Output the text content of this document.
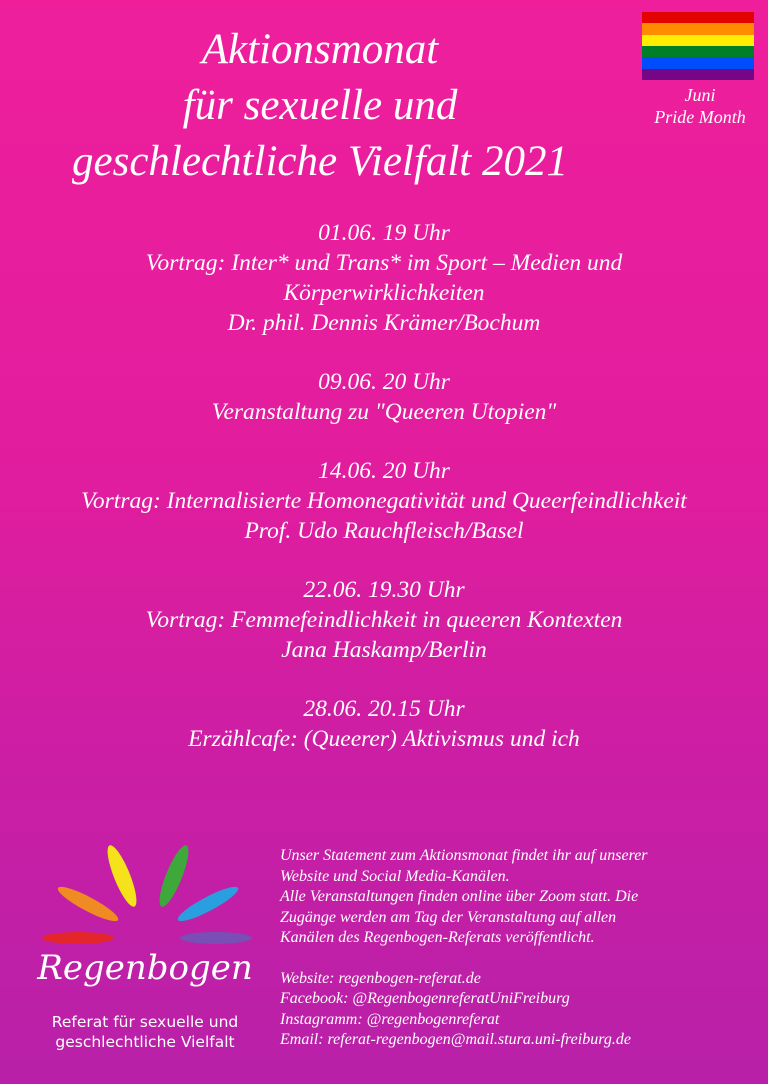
Aktionsmonat
für sexuelle und
geschlechtliche Vielfalt 2021
Juni
Pride Month
01.06. 19 Uhr
Vortrag: Inter* und Trans* im Sport – Medien und
Körperwirklichkeiten
Dr. phil. Dennis Krämer/Bochum
09.06. 20 Uhr
Veranstaltung zu "Queeren Utopien"
14.06. 20 Uhr
Vortrag: Internalisierte Homonegativität und Queerfeindlichkeit
Prof. Udo Rauchfleisch/Basel
22.06. 19.30 Uhr
Vortrag: Femmefeindlichkeit in queeren Kontexten
Jana Haskamp/Berlin
28.06. 20.15 Uhr
Erzählcafe: (Queerer) Aktivismus und ich
Regenbogen
Referat für sexuelle und
geschlechtliche Vielfalt
Unser Statement zum Aktionsmonat findet ihr auf unserer
Website und Social Media-Kanälen.
Alle Veranstaltungen finden online über Zoom statt. Die
Zugänge werden am Tag der Veranstaltung auf allen
Kanälen des Regenbogen-Referats veröffentlicht.
Website: regenbogen-referat.de
Facebook: @RegenbogenreferatUniFreiburg
Instagramm: @regenbogenreferat
Email: referat-regenbogen@mail.stura.uni-freiburg.de
